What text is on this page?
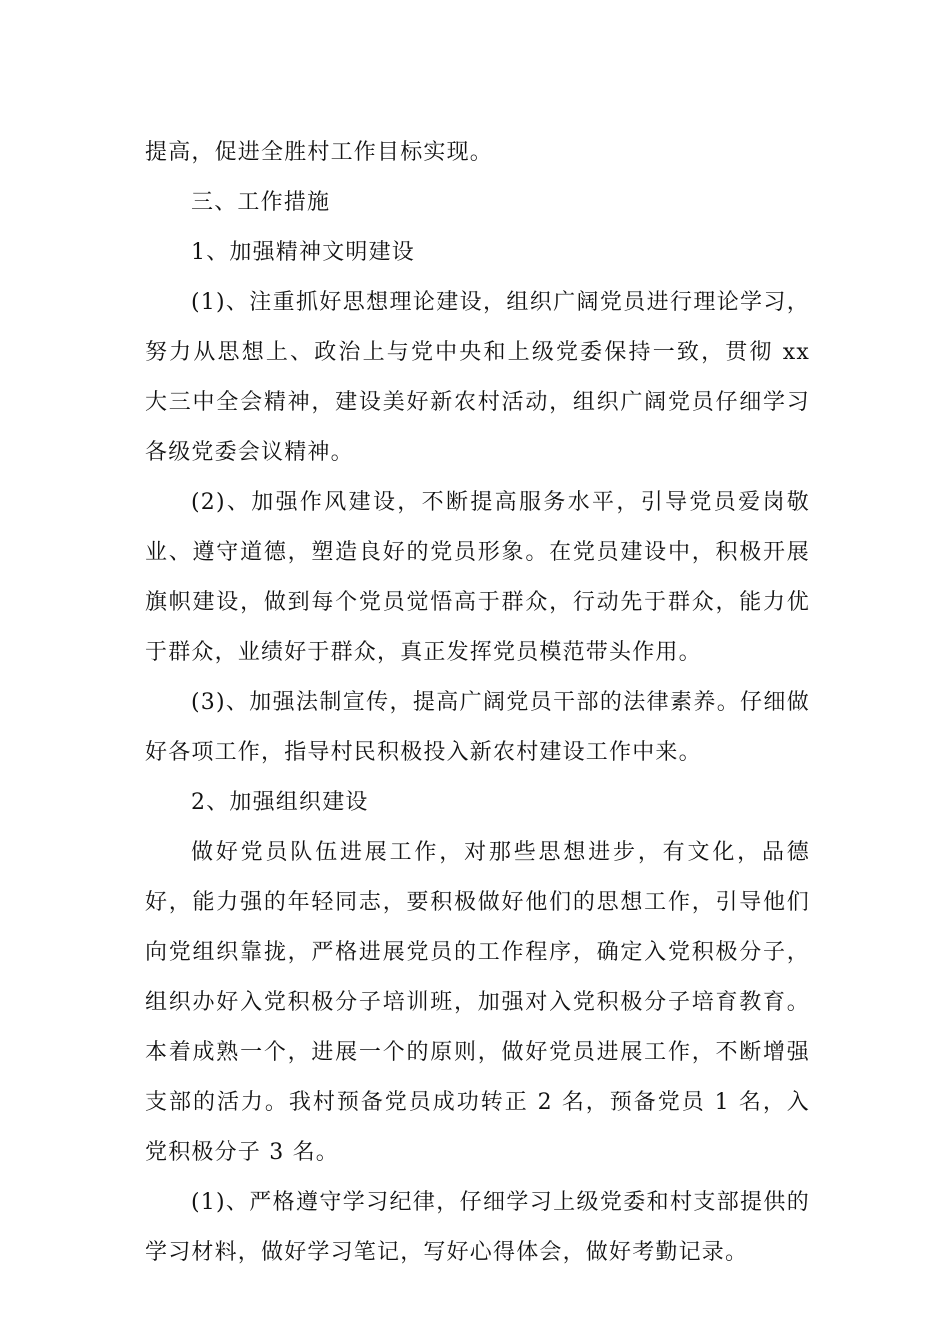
提高，促进全胜村工作目标实现。

三、工作措施

1、加强精神文明建设

(1)、注重抓好思想理论建设，组织广阔党员进行理论学习，努力从思想上、政治上与党中央和上级党委保持一致，贯彻 xx 大三中全会精神，建设美好新农村活动，组织广阔党员仔细学习各级党委会议精神。

(2)、加强作风建设，不断提高服务水平，引导党员爱岗敬业、遵守道德，塑造良好的党员形象。在党员建设中，积极开展旗帜建设，做到每个党员觉悟高于群众，行动先于群众，能力优于群众，业绩好于群众，真正发挥党员模范带头作用。

(3)、加强法制宣传，提高广阔党员干部的法律素养。仔细做好各项工作，指导村民积极投入新农村建设工作中来。

2、加强组织建设

做好党员队伍进展工作，对那些思想进步，有文化，品德好，能力强的年轻同志，要积极做好他们的思想工作，引导他们向党组织靠拢，严格进展党员的工作程序，确定入党积极分子，组织办好入党积极分子培训班，加强对入党积极分子培育教育。本着成熟一个，进展一个的原则，做好党员进展工作，不断增强支部的活力。我村预备党员成功转正 2 名，预备党员 1 名，入党积极分子 3 名。

(1)、严格遵守学习纪律，仔细学习上级党委和村支部提供的学习材料，做好学习笔记，写好心得体会，做好考勤记录。
